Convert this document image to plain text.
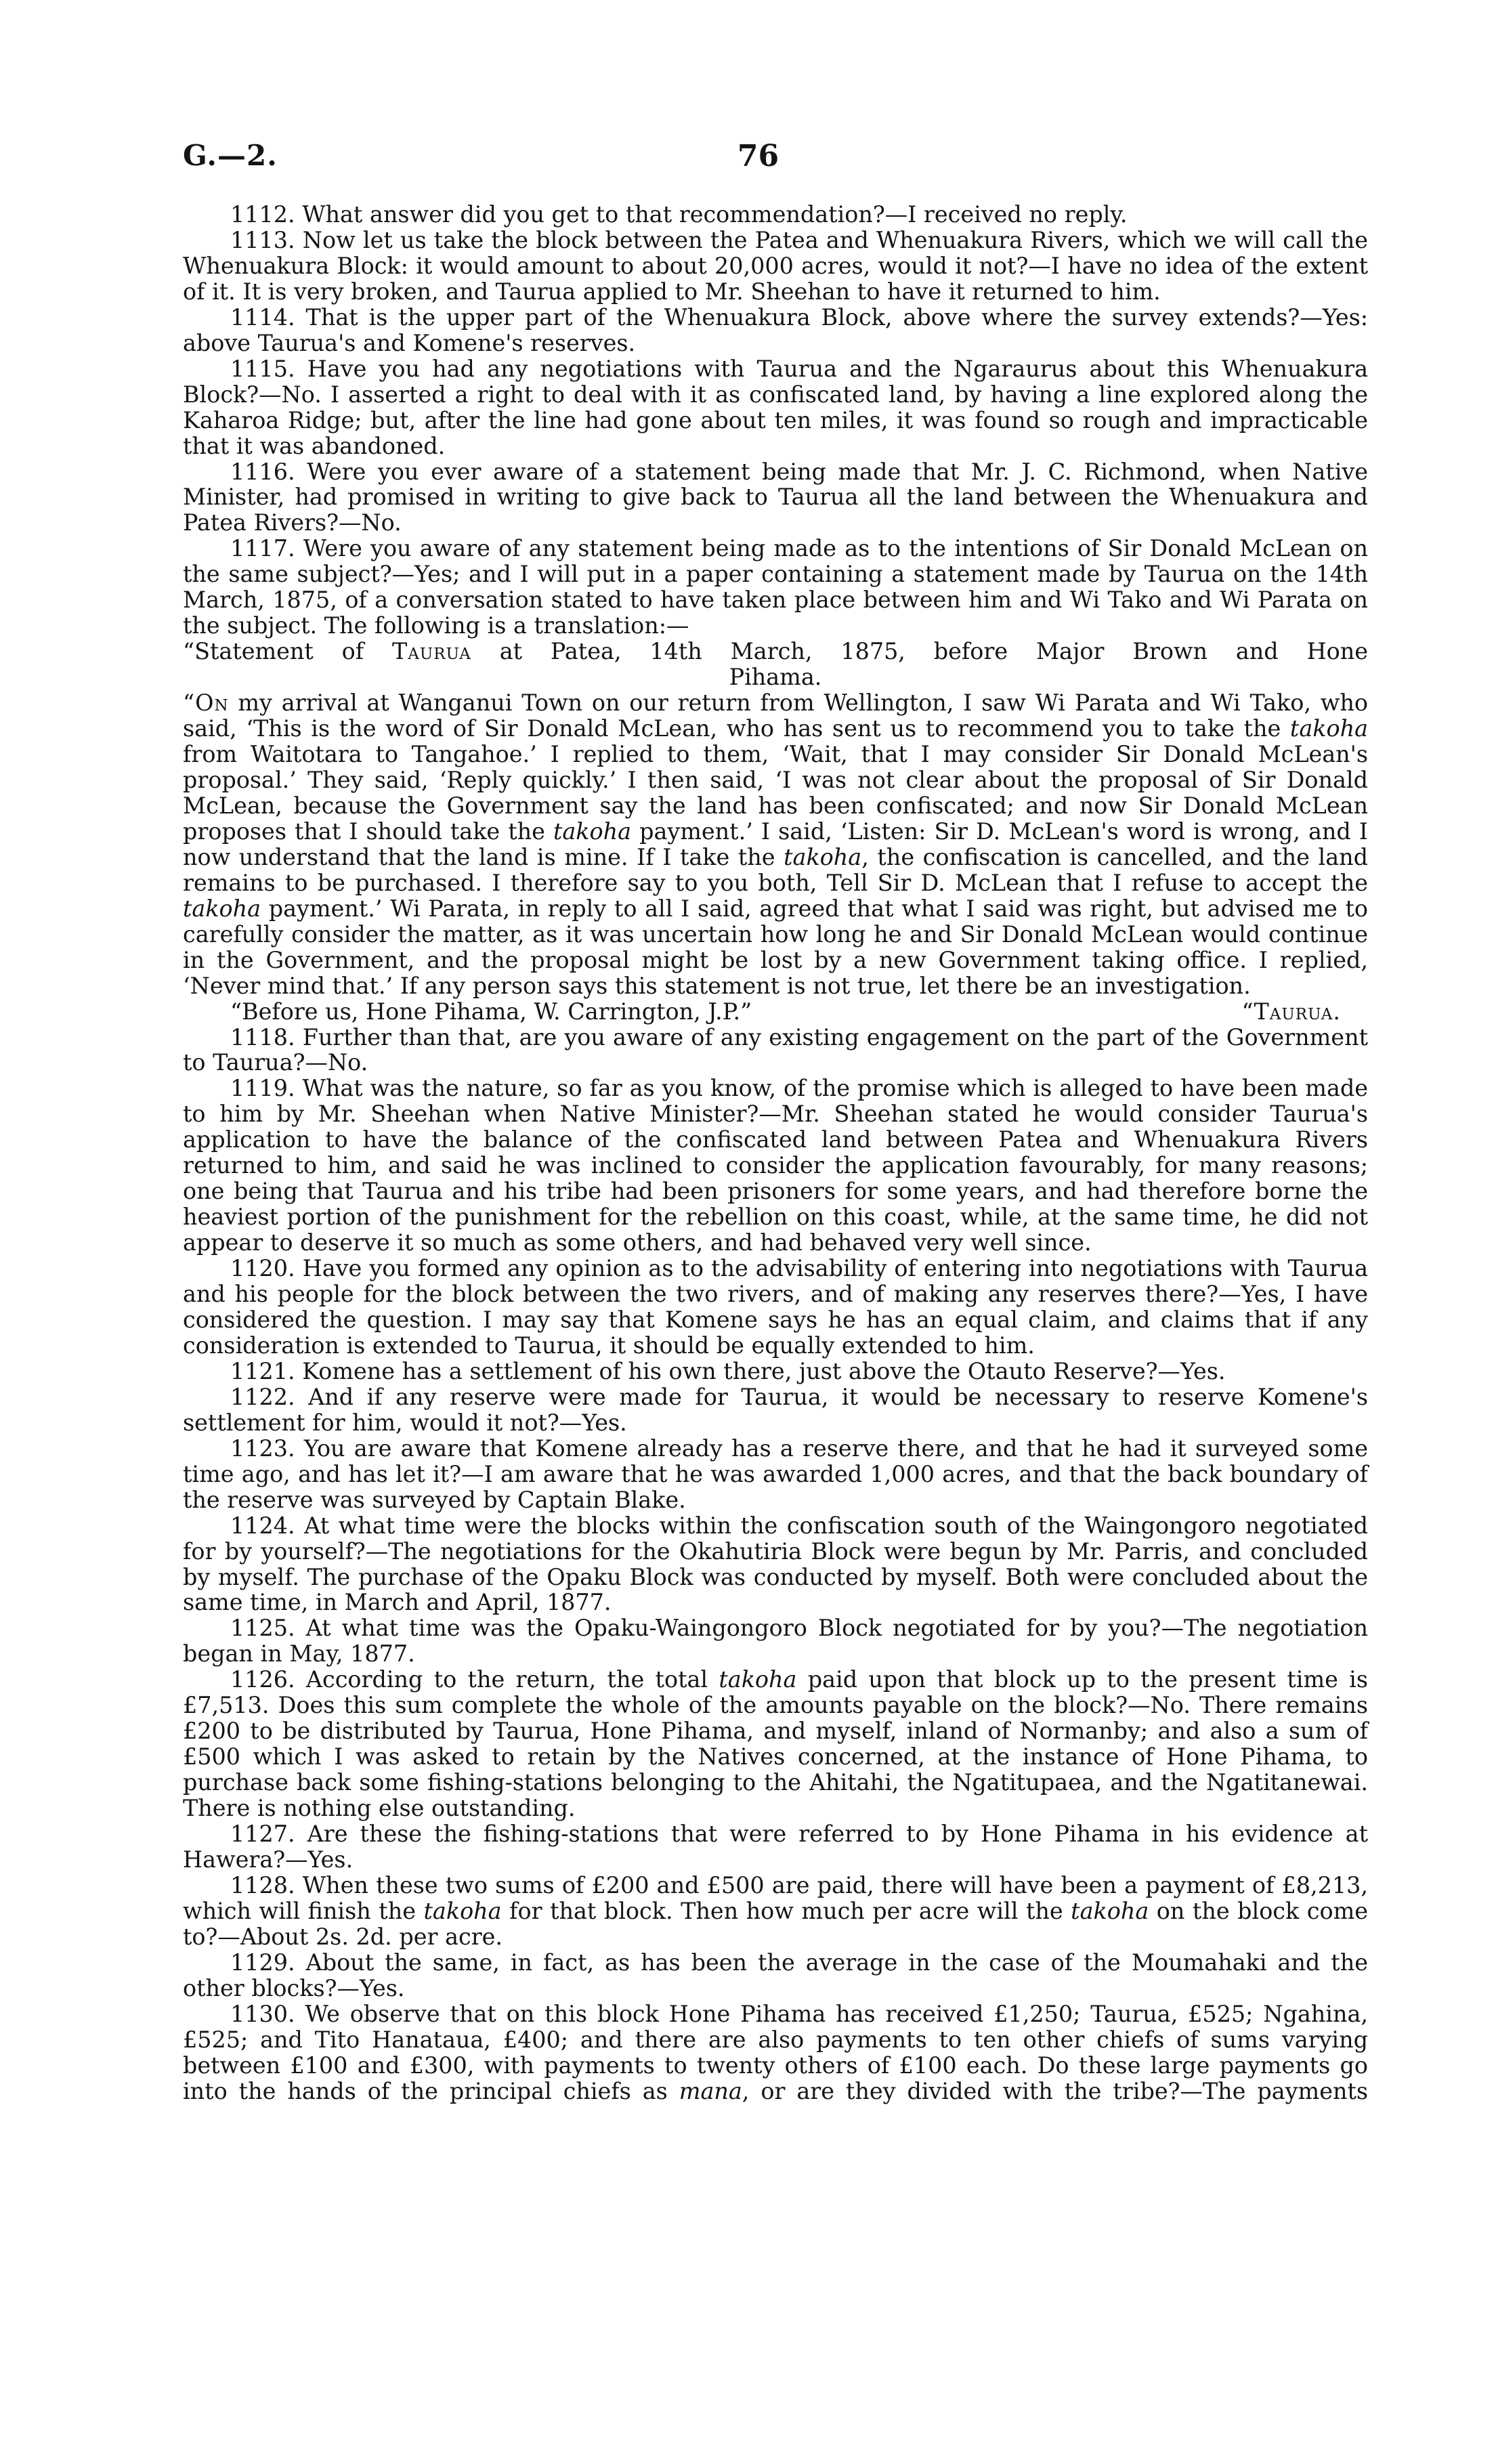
G.—2.	76

1112. What answer did you get to that recommendation?—I received no reply.

1113. Now let us take the block between the Patea and Whenuakura Rivers, which we will call the Whenuakura Block: it would amount to about 20,000 acres, would it not?—I have no idea of the extent of it. It is very broken, and Taurua applied to Mr. Sheehan to have it returned to him.

1114. That is the upper part of the Whenuakura Block, above where the survey extends?—Yes: above Taurua's and Komene's reserves.

1115. Have you had any negotiations with Taurua and the Ngaraurus about this Whenuakura Block?—No. I asserted a right to deal with it as confiscated land, by having a line explored along the Kaharoa Ridge; but, after the line had gone about ten miles, it was found so rough and impracticable that it was abandoned.

1116. Were you ever aware of a statement being made that Mr. J. C. Richmond, when Native Minister, had promised in writing to give back to Taurua all the land between the Whenuakura and Patea Rivers?—No.

1117. Were you aware of any statement being made as to the intentions of Sir Donald McLean on the same subject?—Yes; and I will put in a paper containing a statement made by Taurua on the 14th March, 1875, of a conversation stated to have taken place between him and Wi Tako and Wi Parata on the subject. The following is a translation:—

“Statement of Taurua at Patea, 14th March, 1875, before Major Brown and Hone

Pihama.

“On my arrival at Wanganui Town on our return from Wellington, I saw Wi Parata and Wi Tako, who said, ‘This is the word of Sir Donald McLean, who has sent us to recommend you to take the takoha from Waitotara to Tangahoe.’ I replied to them, ‘Wait, that I may consider Sir Donald McLean's proposal.’ They said, ‘Reply quickly.’ I then said, ‘I was not clear about the proposal of Sir Donald McLean, because the Government say the land has been confiscated; and now Sir Donald McLean proposes that I should take the takoha payment.’ I said, ‘Listen: Sir D. McLean's word is wrong, and I now understand that the land is mine. If I take the takoha, the confiscation is cancelled, and the land remains to be purchased. I therefore say to you both, Tell Sir D. McLean that I refuse to accept the takoha payment.’ Wi Parata, in reply to all I said, agreed that what I said was right, but advised me to carefully consider the matter, as it was uncertain how long he and Sir Donald McLean would continue in the Government, and the proposal might be lost by a new Government taking office. I replied, ‘Never mind that.’ If any person says this statement is not true, let there be an investigation.
“Taurua.

“Before us, Hone Pihama, W. Carrington, J.P.”

1118. Further than that, are you aware of any existing engagement on the part of the Government to Taurua?—No.

1119. What was the nature, so far as you know, of the promise which is alleged to have been made to him by Mr. Sheehan when Native Minister?—Mr. Sheehan stated he would consider Taurua's application to have the balance of the confiscated land between Patea and Whenuakura Rivers returned to him, and said he was inclined to consider the application favourably, for many reasons; one being that Taurua and his tribe had been prisoners for some years, and had therefore borne the heaviest portion of the punishment for the rebellion on this coast, while, at the same time, he did not appear to deserve it so much as some others, and had behaved very well since.

1120. Have you formed any opinion as to the advisability of entering into negotiations with Taurua and his people for the block between the two rivers, and of making any reserves there?—Yes, I have considered the question. I may say that Komene says he has an equal claim, and claims that if any consideration is extended to Taurua, it should be equally extended to him.

1121. Komene has a settlement of his own there, just above the Otauto Reserve?—Yes.

1122. And if any reserve were made for Taurua, it would be necessary to reserve Komene's settlement for him, would it not?—Yes.

1123. You are aware that Komene already has a reserve there, and that he had it surveyed some time ago, and has let it?—I am aware that he was awarded 1,000 acres, and that the back boundary of the reserve was surveyed by Captain Blake.

1124. At what time were the blocks within the confiscation south of the Waingongoro negotiated for by yourself?—The negotiations for the Okahutiria Block were begun by Mr. Parris, and concluded by myself. The purchase of the Opaku Block was conducted by myself. Both were concluded about the same time, in March and April, 1877.

1125. At what time was the Opaku-Waingongoro Block negotiated for by you?—The negotiation began in May, 1877.

1126. According to the return, the total takoha paid upon that block up to the present time is £7,513. Does this sum complete the whole of the amounts payable on the block?—No. There remains £200 to be distributed by Taurua, Hone Pihama, and myself, inland of Normanby; and also a sum of £500 which I was asked to retain by the Natives concerned, at the instance of Hone Pihama, to purchase back some fishing-stations belonging to the Ahitahi, the Ngatitupaea, and the Ngatitanewai. There is nothing else outstanding.

1127. Are these the fishing-stations that were referred to by Hone Pihama in his evidence at Hawera?—Yes.

1128. When these two sums of £200 and £500 are paid, there will have been a payment of £8,213, which will finish the takoha for that block. Then how much per acre will the takoha on the block come to?—About 2s. 2d. per acre.

1129. About the same, in fact, as has been the average in the case of the Moumahaki and the other blocks?—Yes.

1130. We observe that on this block Hone Pihama has received £1,250; Taurua, £525; Ngahina, £525; and Tito Hanataua, £400; and there are also payments to ten other chiefs of sums varying between £100 and £300, with payments to twenty others of £100 each. Do these large payments go into the hands of the principal chiefs as mana, or are they divided with the tribe?—The payments
